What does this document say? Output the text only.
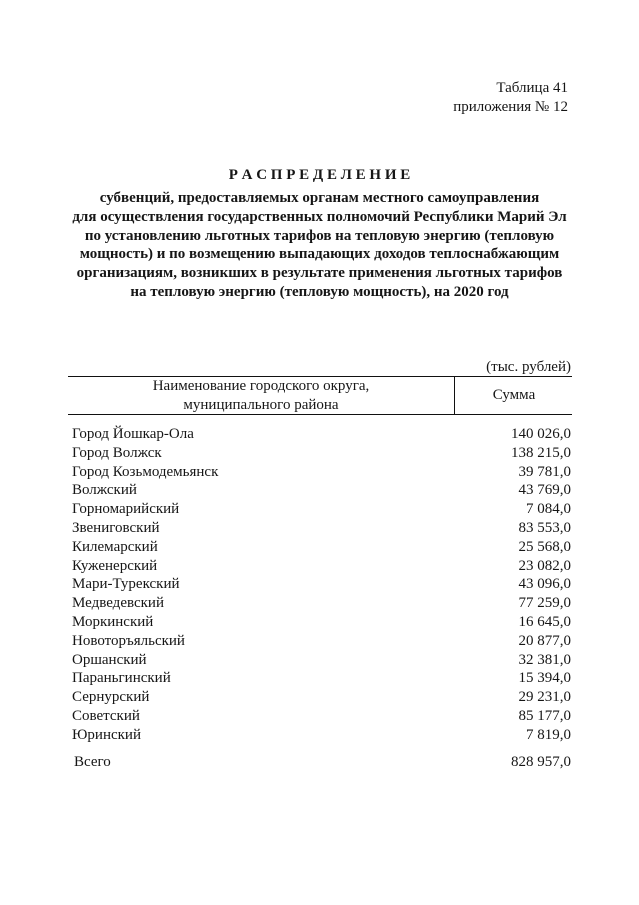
Таблица 41
приложения № 12
Р А С П Р Е Д Е Л Е Н И Е
субвенций, предоставляемых органам местного самоуправления
для осуществления государственных полномочий Республики Марий Эл
по установлению льготных тарифов на тепловую энергию (тепловую
мощность) и по возмещению выпадающих доходов теплоснабжающим
организациям, возникших в результате применения льготных тарифов
на тепловую энергию (тепловую мощность), на 2020 год
(тыс. рублей)
Наименование городского округа,
муниципального района
Сумма
Город Йошкар-Ола	140 026,0
Город Волжск	138 215,0
Город Козьмодемьянск	39 781,0
Волжский	43 769,0
Горномарийский	7 084,0
Звениговский	83 553,0
Килемарский	25 568,0
Куженерский	23 082,0
Мари-Турекский	43 096,0
Медведевский	77 259,0
Моркинский	16 645,0
Новоторъяльский	20 877,0
Оршанский	32 381,0
Параньгинский	15 394,0
Сернурский	29 231,0
Советский	85 177,0
Юринский	7 819,0
Всего	828 957,0
